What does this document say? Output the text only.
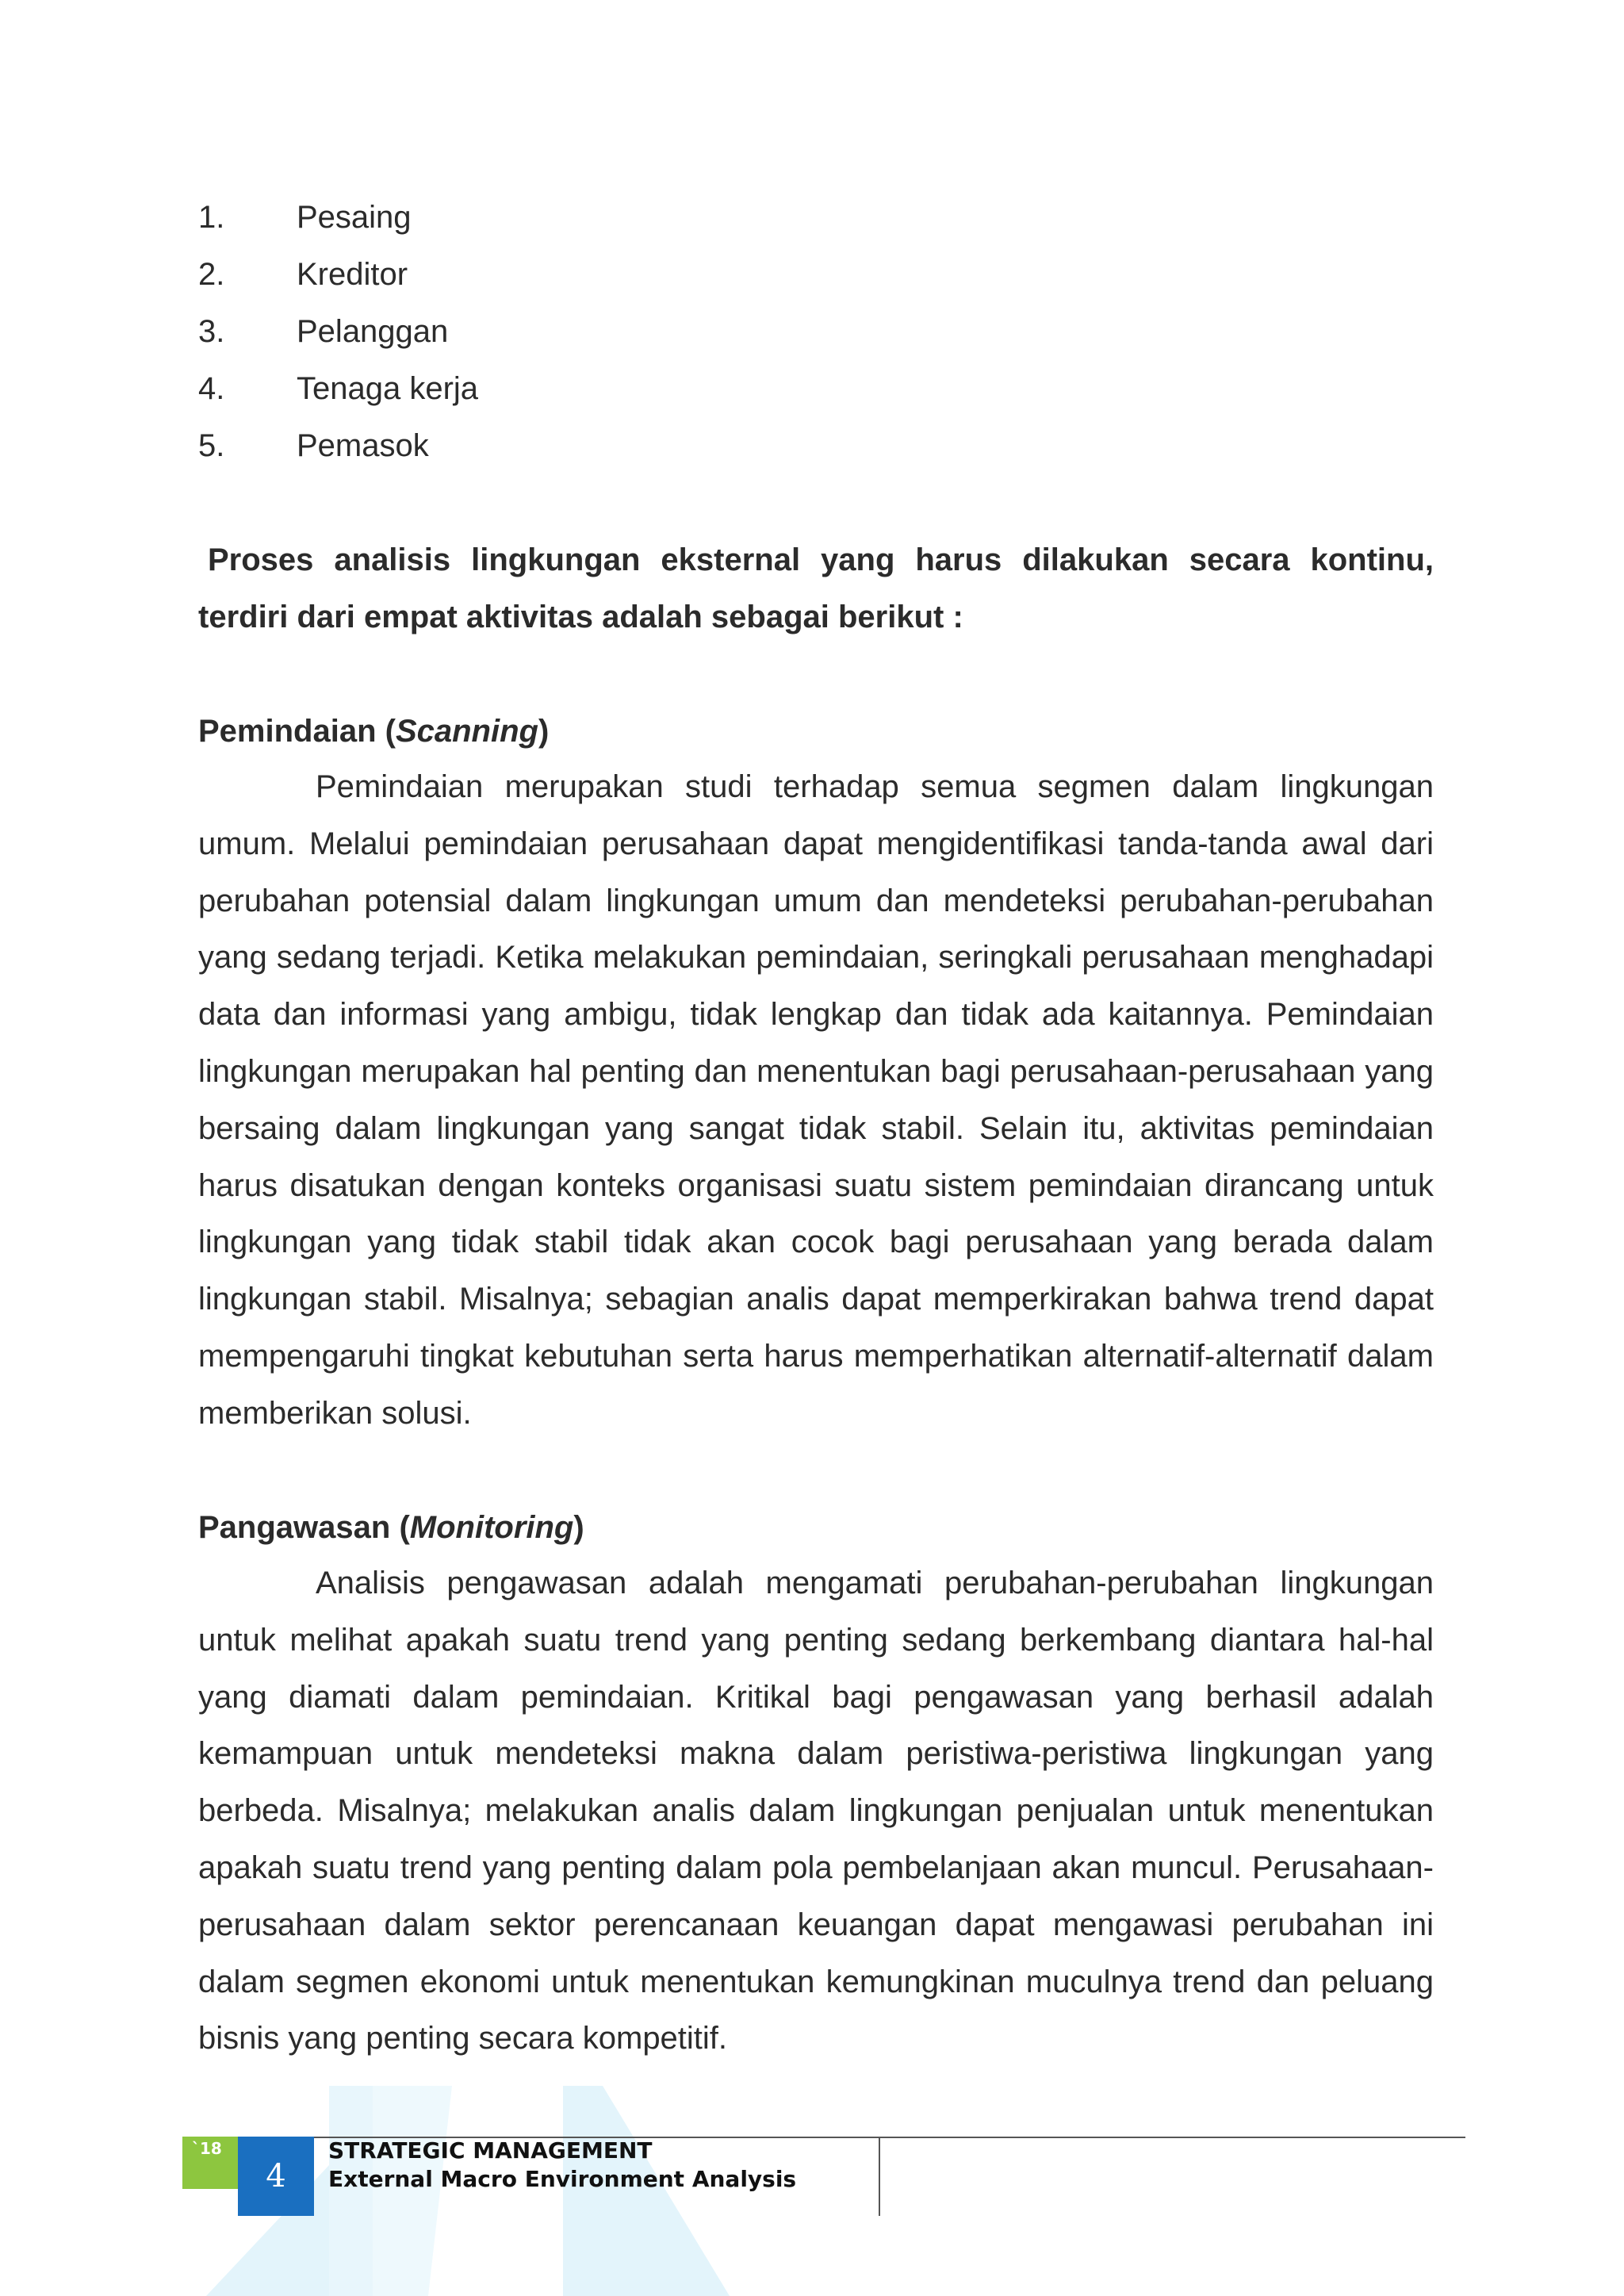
1.	Pesaing
2.	Kreditor
3.	Pelanggan
4.	Tenaga kerja
5.	Pemasok

Proses analisis lingkungan eksternal yang harus dilakukan secara kontinu,
terdiri dari empat aktivitas adalah sebagai berikut :

Pemindaian (Scanning)

Pemindaian merupakan studi terhadap semua segmen dalam lingkungan umum. Melalui pemindaian perusahaan dapat mengidentifikasi tanda-tanda awal dari perubahan potensial dalam lingkungan umum dan mendeteksi perubahan-perubahan yang sedang terjadi. Ketika melakukan pemindaian, seringkali perusahaan menghadapi data dan informasi yang ambigu, tidak lengkap dan tidak ada kaitannya. Pemindaian lingkungan merupakan hal penting dan menentukan bagi perusahaan-perusahaan yang bersaing dalam lingkungan yang sangat tidak stabil. Selain itu, aktivitas pemindaian harus disatukan dengan konteks organisasi suatu sistem pemindaian dirancang untuk lingkungan yang tidak stabil tidak akan cocok bagi perusahaan yang berada dalam lingkungan stabil. Misalnya; sebagian analis dapat memperkirakan bahwa trend dapat mempengaruhi tingkat kebutuhan serta harus memperhatikan alternatif-alternatif dalam memberikan solusi.

Pangawasan (Monitoring)

Analisis pengawasan adalah mengamati perubahan-perubahan lingkungan untuk melihat apakah suatu trend yang penting sedang berkembang diantara hal-hal yang diamati dalam pemindaian. Kritikal bagi pengawasan yang berhasil adalah kemampuan untuk mendeteksi makna dalam peristiwa-peristiwa lingkungan yang berbeda. Misalnya; melakukan analis dalam lingkungan penjualan untuk menentukan apakah suatu trend yang penting dalam pola pembelanjaan akan muncul. Perusahaan-perusahaan dalam sektor perencanaan keuangan dapat mengawasi perubahan ini dalam segmen ekonomi untuk menentukan kemungkinan muculnya trend dan peluang bisnis yang penting secara kompetitif.

`18
4
STRATEGIC MANAGEMENT
External Macro Environment Analysis
